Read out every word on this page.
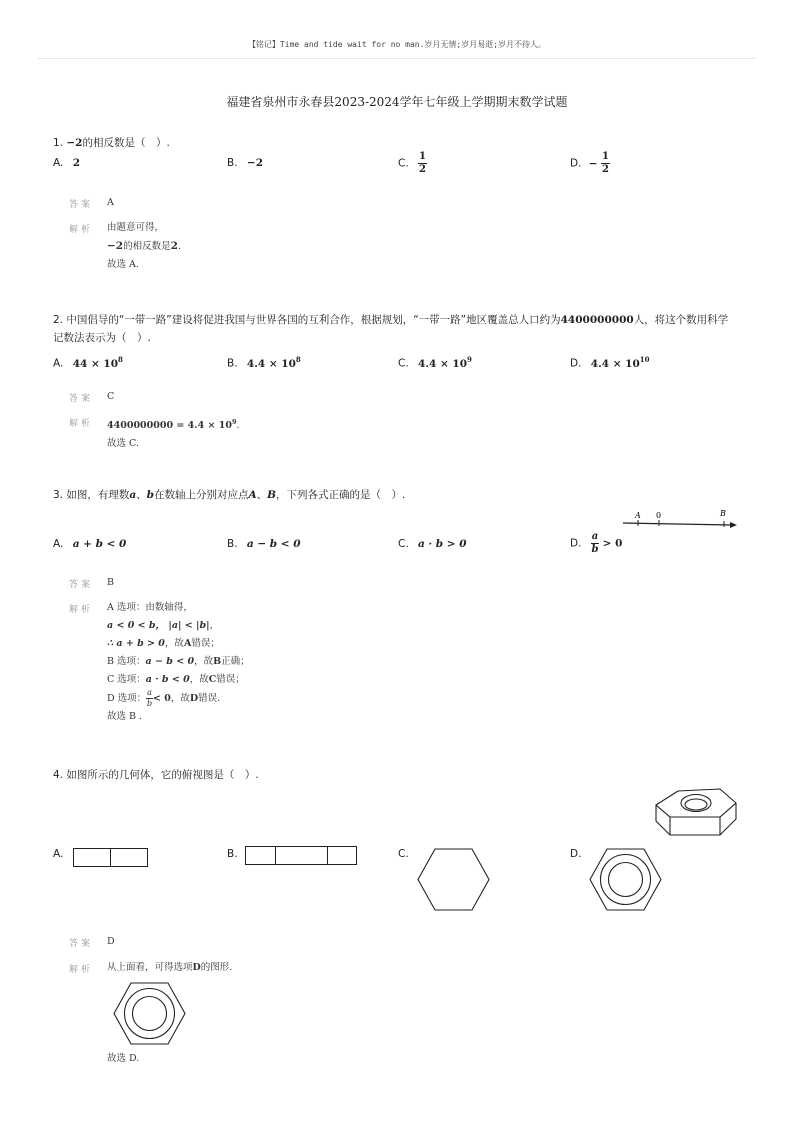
【铭记】Time and tide wait for no man.岁月无情;岁月易逝;岁月不待人。
福建省泉州市永春县2023-2024学年七年级上学期期末数学试题
1. −2的相反数是（　）.
A. 2	B. −2	C. $\frac{1}{2}$	D. − $\frac{1}{2}$
答案 A
解析 由题意可得，
−2的相反数是2.
故选 A.
2. 中国倡导的“一带一路”建设将促进我国与世界各国的互利合作，根据规划，“一带一路”地区覆盖总人口约为4400000000人，将这个数用科学
记数法表示为（　）.
A. $44 \times 10^8$	B. $4.4 \times 10^8$	C. $4.4 \times 10^9$	D. $4.4 \times 10^{10}$
答案 C
解析 $4400000000 = 4.4 \times 10^9$.
故选 C.
3. 如图，有理数a、b在数轴上分别对应点A、B，下列各式正确的是（　）.
A 0	B
A. a + b < 0	B. a − b < 0	C. a · b > 0	D. $\frac{a}{b} > 0$
答案 B
解析 A 选项：由数轴得，
a < 0 < b， |a| < |b|，
∴ a + b > 0，故A错误；
B 选项：a − b < 0，故B正确；
C 选项：a · b < 0，故C错误；
D 选项： $\frac{a}{b} < 0$，故D错误.
故选 B .
4. 如图所示的几何体，它的俯视图是（　）.
A.	B.	C.	D.
答案 D
解析 从上面看，可得选项D的图形.
故选 D.
